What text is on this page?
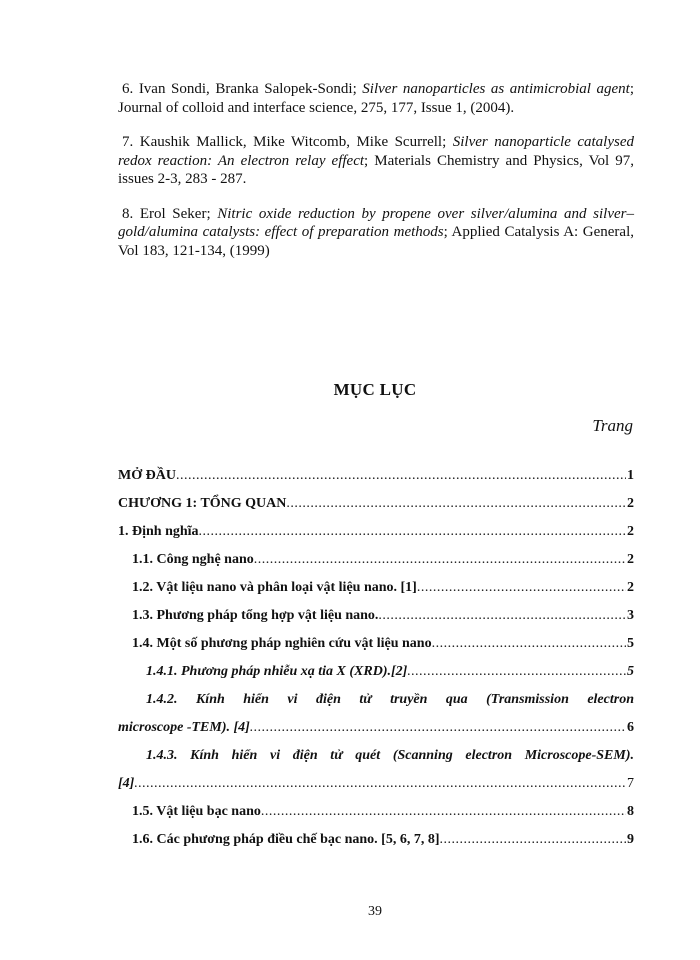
6. Ivan Sondi, Branka Salopek-Sondi; Silver nanoparticles as antimicrobial agent; Journal of colloid and interface science, 275, 177, Issue 1, (2004).

7. Kaushik Mallick, Mike Witcomb, Mike Scurrell; Silver nanoparticle catalysed redox reaction: An electron relay effect; Materials Chemistry and Physics, Vol 97, issues 2-3, 283 - 287.

8. Erol Seker; Nitric oxide reduction by propene over silver/alumina and silver–gold/alumina catalysts: effect of preparation methods; Applied Catalysis A: General, Vol 183, 121-134, (1999)

MỤC LỤC
Trang
MỞ ĐẦU .....	1
CHƯƠNG 1: TỔNG QUAN .....	2
1. Định nghĩa .....	2
1.1. Công nghệ nano .....	2
1.2. Vật liệu nano và phân loại vật liệu nano. [1] .....	2
1.3. Phương pháp tổng hợp vật liệu nano. .....	3
1.4. Một số phương pháp nghiên cứu vật liệu nano .....	5
1.4.1. Phương pháp nhiễu xạ tia X (XRD).[2] .....	5
1.4.2. Kính hiển vi điện tử truyền qua (Transmission electron
microscope -TEM). [4] .....	6
1.4.3. Kính hiển vi điện tử quét (Scanning electron Microscope-SEM).
[4] .....	7
1.5. Vật liệu bạc nano .....	8
1.6. Các phương pháp điều chế bạc nano. [5, 6, 7, 8] .....	9
39
